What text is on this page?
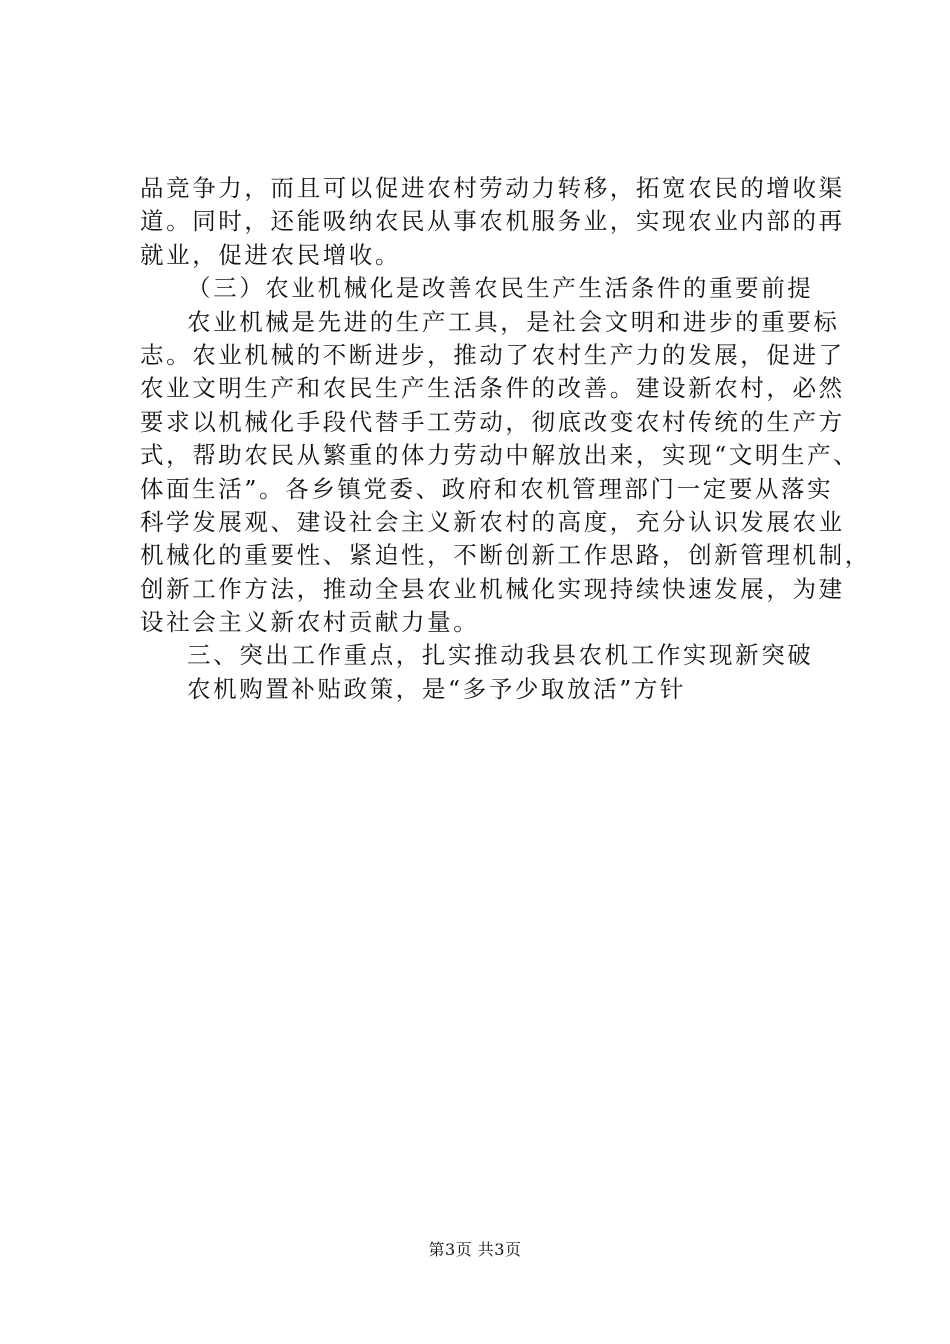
品竞争力，而且可以促进农村劳动力转移，拓宽农民的增收渠
道。同时，还能吸纳农民从事农机服务业，实现农业内部的再
就业，促进农民增收。
（三）农业机械化是改善农民生产生活条件的重要前提
农业机械是先进的生产工具，是社会文明和进步的重要标
志。农业机械的不断进步，推动了农村生产力的发展，促进了
农业文明生产和农民生产生活条件的改善。建设新农村，必然
要求以机械化手段代替手工劳动，彻底改变农村传统的生产方
式，帮助农民从繁重的体力劳动中解放出来，实现“文明生产、
体面生活”。各乡镇党委、政府和农机管理部门一定要从落实
科学发展观、建设社会主义新农村的高度，充分认识发展农业
机械化的重要性、紧迫性，不断创新工作思路，创新管理机制，
创新工作方法，推动全县农业机械化实现持续快速发展，为建
设社会主义新农村贡献力量。
三、突出工作重点，扎实推动我县农机工作实现新突破
农机购置补贴政策，是“多予少取放活”方针
第3页 共3页
